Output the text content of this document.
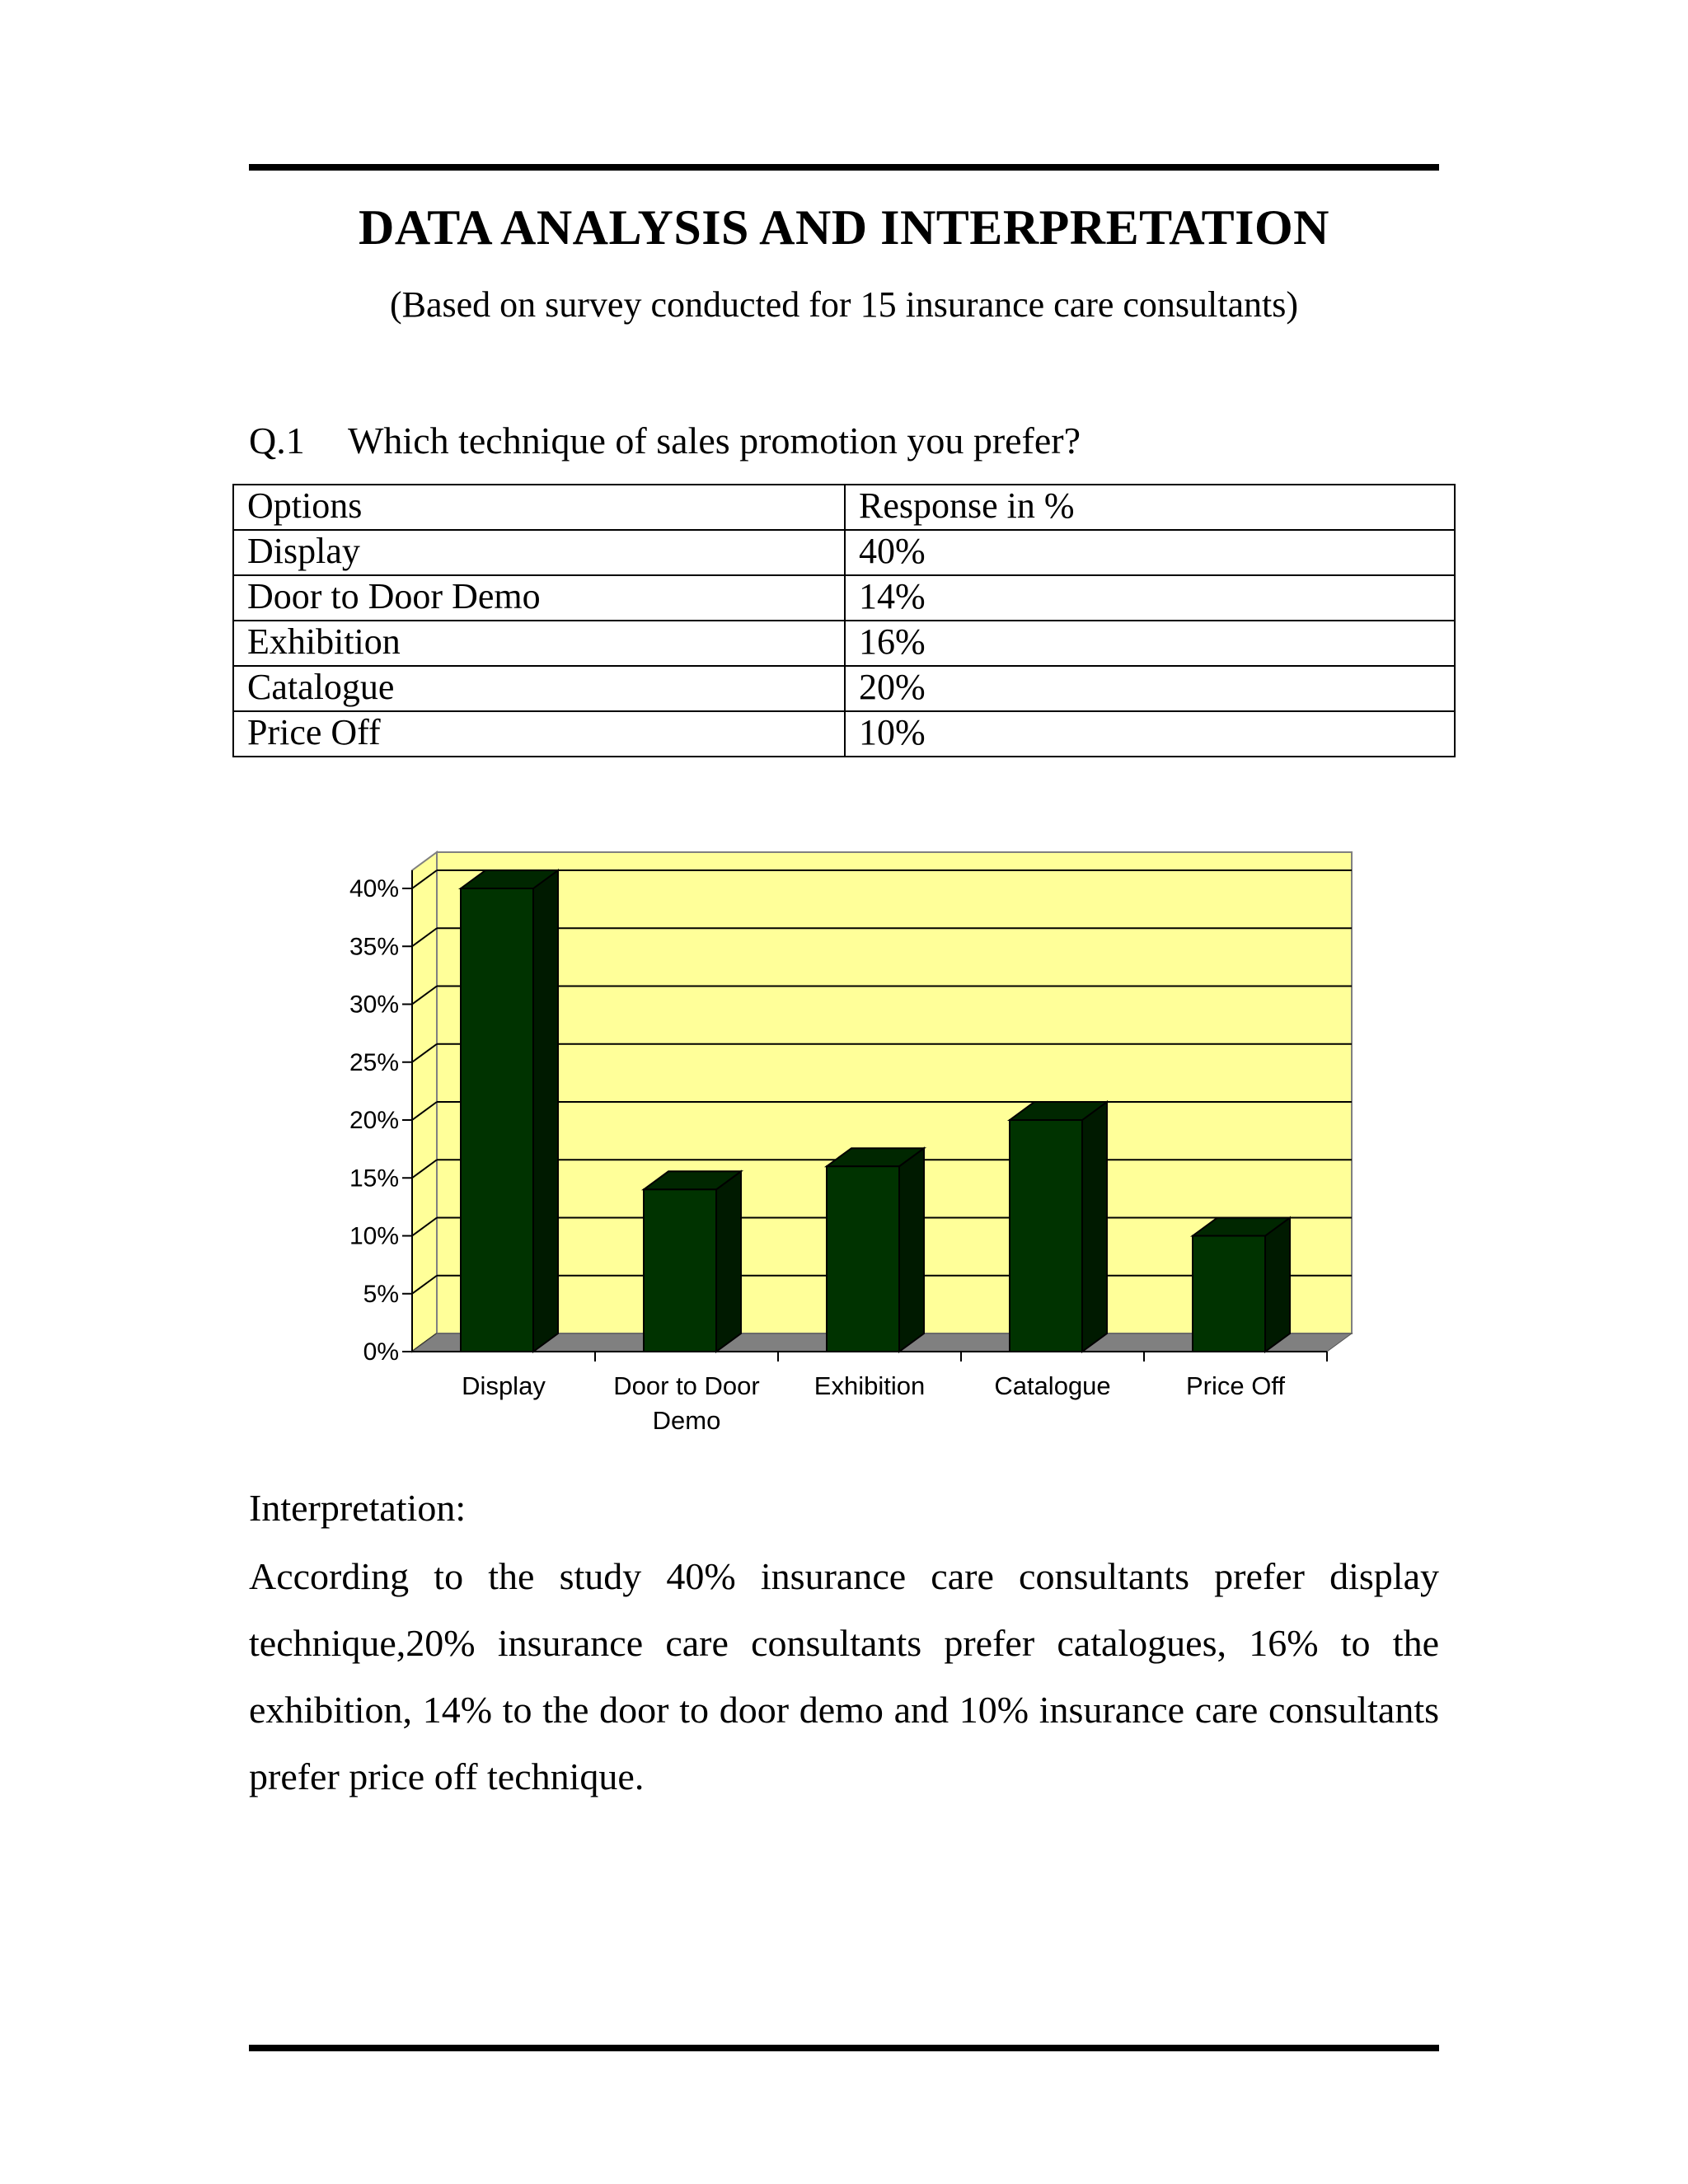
DATA ANALYSIS AND INTERPRETATION
(Based on survey conducted for 15 insurance care consultants)
Q.1 Which technique of sales promotion you prefer?
Options	Response in %
Display	40%
Door to Door Demo	14%
Exhibition	16%
Catalogue	20%
Price Off	10%
0%
5%
10%
15%
20%
25%
30%
35%
40%
Display	Door to Door
Demo
Exhibition	Catalogue	Price Off
Interpretation:
According to the study 40% insurance care consultants prefer display technique,20% insurance care consultants prefer catalogues, 16% to the exhibition, 14% to the door to door demo and 10% insurance care consultants prefer price off technique.
